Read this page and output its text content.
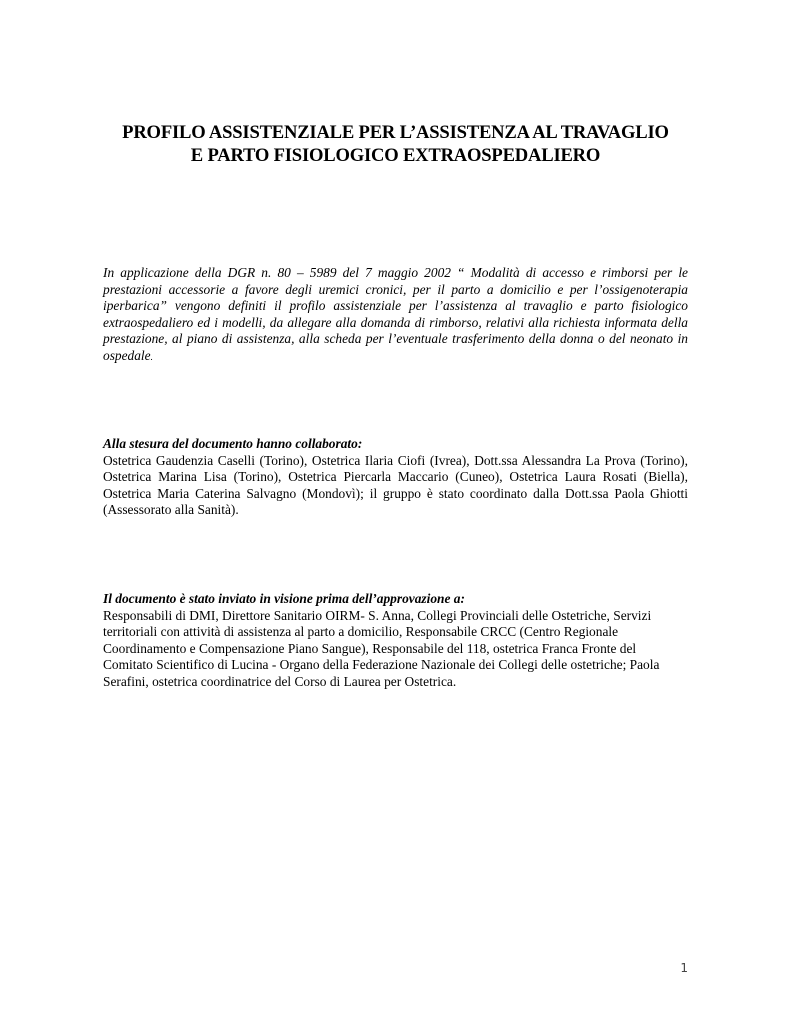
PROFILO ASSISTENZIALE PER L’ASSISTENZA AL TRAVAGLIO
E PARTO FISIOLOGICO EXTRAOSPEDALIERO

In applicazione della DGR n. 80 – 5989 del 7 maggio 2002 “ Modalità di accesso e rimborsi per le prestazioni accessorie a favore degli uremici cronici, per il parto a domicilio e per l’ossigenoterapia iperbarica” vengono definiti il profilo assistenziale per l’assistenza al travaglio e parto fisiologico extraospedaliero ed i modelli, da allegare alla domanda di rimborso, relativi alla richiesta informata della prestazione, al piano di assistenza, alla scheda per l’eventuale trasferimento della donna o del neonato in ospedale.

Alla stesura del documento hanno collaborato:
Ostetrica Gaudenzia Caselli (Torino), Ostetrica Ilaria Ciofi (Ivrea), Dott.ssa Alessandra La Prova (Torino), Ostetrica Marina Lisa (Torino), Ostetrica Piercarla Maccario (Cuneo), Ostetrica Laura Rosati (Biella), Ostetrica Maria Caterina Salvagno (Mondovì); il gruppo è stato coordinato dalla Dott.ssa Paola Ghiotti (Assessorato alla Sanità).

Il documento è stato inviato in visione prima dell’approvazione a:
Responsabili di DMI, Direttore Sanitario OIRM- S. Anna, Collegi Provinciali delle Ostetriche, Servizi territoriali con attività di assistenza al parto a domicilio, Responsabile CRCC (Centro Regionale Coordinamento e Compensazione Piano Sangue), Responsabile del 118, ostetrica Franca Fronte del Comitato Scientifico di Lucina - Organo della Federazione Nazionale dei Collegi delle ostetriche; Paola Serafini, ostetrica coordinatrice del Corso di Laurea per Ostetrica.

1
